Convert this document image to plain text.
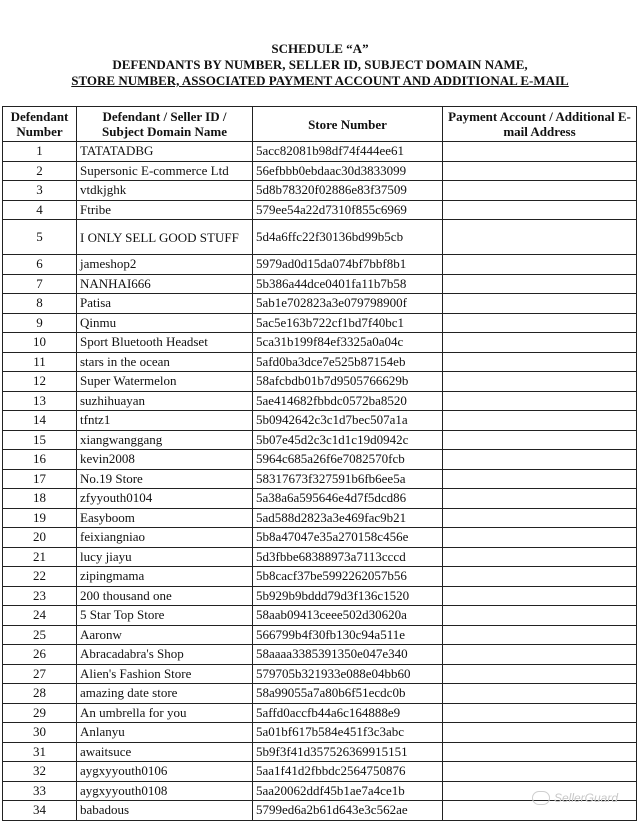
SCHEDULE “A”
DEFENDANTS BY NUMBER, SELLER ID, SUBJECT DOMAIN NAME,
STORE NUMBER, ASSOCIATED PAYMENT ACCOUNT AND ADDITIONAL E-MAIL
Defendant Number	Defendant / Seller ID / Subject Domain Name	Store Number	Payment Account / Additional E-mail Address
1	TATATADBG	5acc82081b98df74f444ee61	
2	Supersonic E-commerce Ltd	56efbbb0ebdaac30d3833099	
3	vtdkjghk	5d8b78320f02886e83f37509	
4	Ftribe	579ee54a22d7310f855c6969	
5	I ONLY SELL GOOD STUFF	5d4a6ffc22f30136bd99b5cb	
6	jameshop2	5979ad0d15da074bf7bbf8b1	
7	NANHAI666	5b386a44dce0401fa11b7b58	
8	Patisa	5ab1e702823a3e079798900f	
9	Qinmu	5ac5e163b722cf1bd7f40bc1	
10	Sport Bluetooth Headset	5ca31b199f84ef3325a0a04c	
11	stars in the ocean	5afd0ba3dce7e525b87154eb	
12	Super Watermelon	58afcbdb01b7d9505766629b	
13	suzhihuayan	5ae414682fbbdc0572ba8520	
14	tfntz1	5b0942642c3c1d7bec507a1a	
15	xiangwanggang	5b07e45d2c3c1d1c19d0942c	
16	kevin2008	5964c685a26f6e7082570fcb	
17	No.19 Store	58317673f327591b6fb6ee5a	
18	zfyyouth0104	5a38a6a595646e4d7f5dcd86	
19	Easyboom	5ad588d2823a3e469fac9b21	
20	feixiangniao	5b8a47047e35a270158c456e	
21	lucy jiayu	5d3fbbe68388973a7113cccd	
22	zipingmama	5b8cacf37be5992262057b56	
23	200 thousand one	5b929b9bddd79d3f136c1520	
24	5 Star Top Store	58aab09413ceee502d30620a	
25	Aaronw	566799b4f30fb130c94a511e	
26	Abracadabra's Shop	58aaaa3385391350e047e340	
27	Alien's Fashion Store	579705b321933e088e04bb60	
28	amazing date store	58a99055a7a80b6f51ecdc0b	
29	An umbrella for you	5affd0accfb44a6c164888e9	
30	Anlanyu	5a01bf617b584e451f3c3abc	
31	awaitsuce	5b9f3f41d357526369915151	
32	aygxyyouth0106	5aa1f41d2fbbdc2564750876	
33	aygxyyouth0108	5aa20062ddf45b1ae7a4ce1b	
34	babadous	5799ed6a2b61d643e3c562ae	
SellerGuard
